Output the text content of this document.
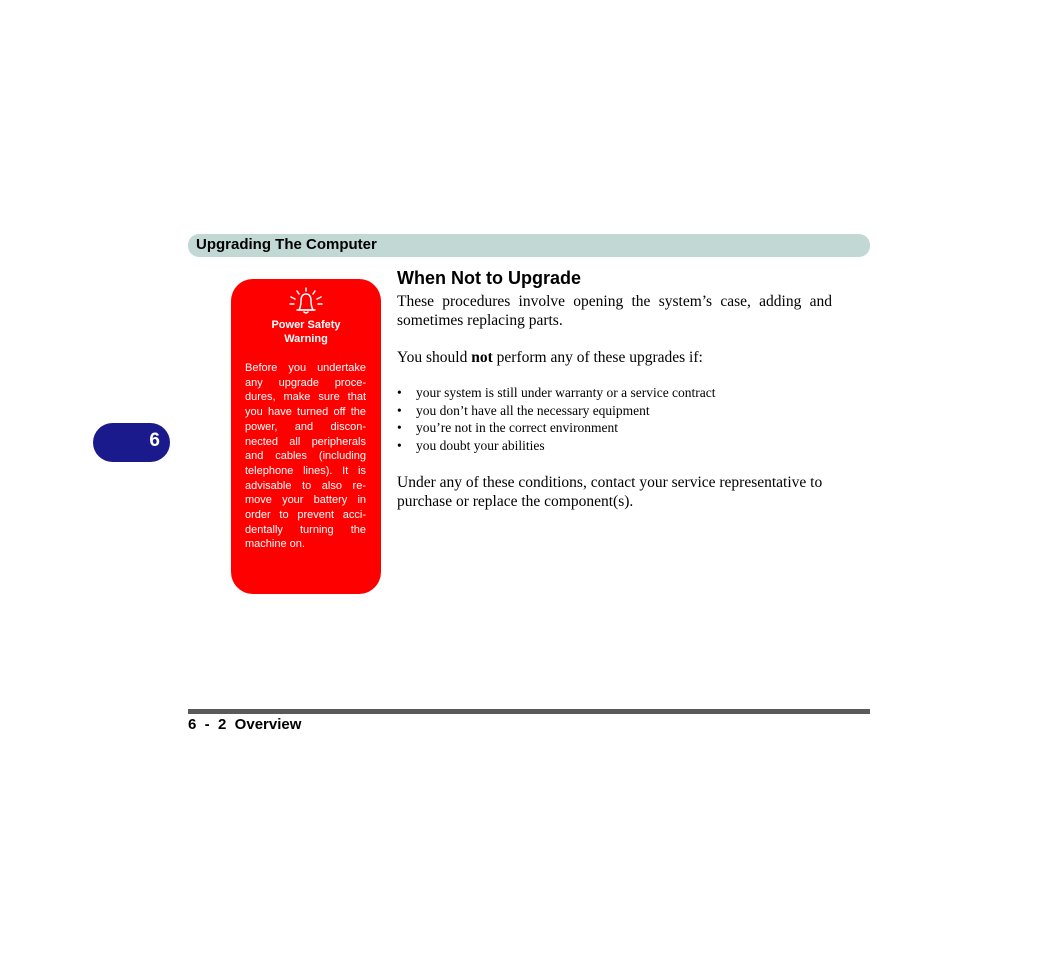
Upgrading The Computer
6
Power Safety
Warning
Before you undertake any upgrade proce-dures, make sure that you have turned off the power, and discon-nected all peripherals and cables (including telephone lines). It is advisable to also re-move your battery in order to prevent acci-dentally turning the machine on.
When Not to Upgrade
These procedures involve opening the system’s case, adding and sometimes replacing parts.
You should not perform any of these upgrades if:
• your system is still under warranty or a service contract
• you don’t have all the necessary equipment
• you’re not in the correct environment
• you doubt your abilities
Under any of these conditions, contact your service representative to purchase or replace the component(s).
6  -  2  Overview
